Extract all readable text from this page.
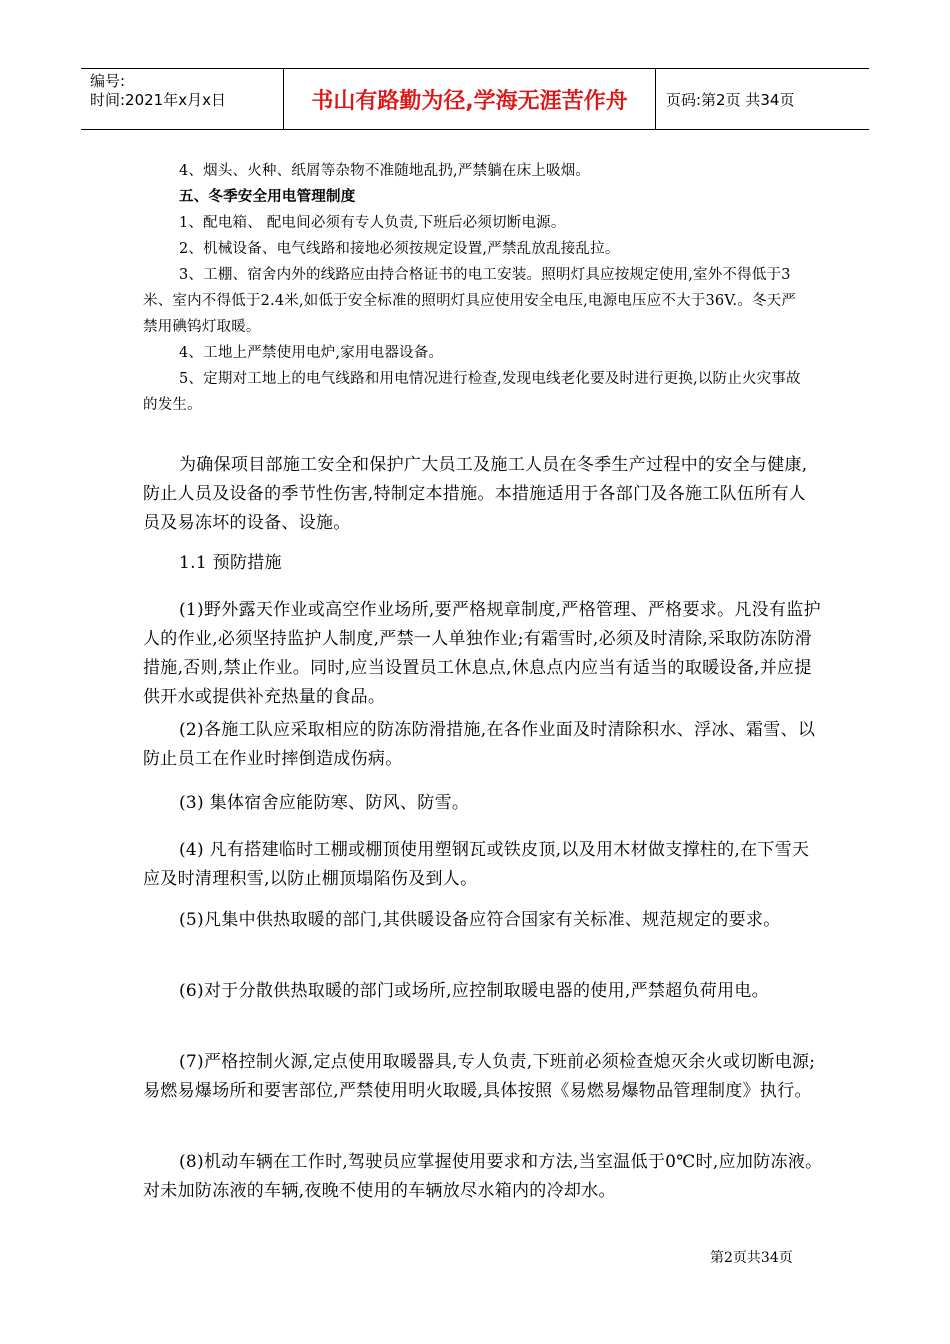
编号:
时间:2021年x月x日	书山有路勤为径,学海无涯苦作舟	页码:第2页 共34页

4、烟头、火种、纸屑等杂物不准随地乱扔,严禁躺在床上吸烟。

五、冬季安全用电管理制度

1、配电箱、 配电间必须有专人负责,下班后必须切断电源。

2、机械设备、电气线路和接地必须按规定设置,严禁乱放乱接乱拉。

3、工棚、宿舍内外的线路应由持合格证书的电工安装。照明灯具应按规定使用,室外不得低于3米、室内不得低于2.4米,如低于安全标准的照明灯具应使用安全电压,电源电压应不大于36V.。冬天严禁用碘钨灯取暖。

4、工地上严禁使用电炉,家用电器设备。

5、定期对工地上的电气线路和用电情况进行检查,发现电线老化要及时进行更换,以防止火灾事故的发生。

为确保项目部施工安全和保护广大员工及施工人员在冬季生产过程中的安全与健康,防止人员及设备的季节性伤害,特制定本措施。本措施适用于各部门及各施工队伍所有人员及易冻坏的设备、设施。

1.1 预防措施

(1)野外露天作业或高空作业场所,要严格规章制度,严格管理、严格要求。凡没有监护人的作业,必须坚持监护人制度,严禁一人单独作业;有霜雪时,必须及时清除,采取防冻防滑措施,否则,禁止作业。同时,应当设置员工休息点,休息点内应当有适当的取暖设备,并应提供开水或提供补充热量的食品。

(2)各施工队应采取相应的防冻防滑措施,在各作业面及时清除积水、浮冰、霜雪、以防止员工在作业时摔倒造成伤病。

(3) 集体宿舍应能防寒、防风、防雪。

(4) 凡有搭建临时工棚或棚顶使用塑钢瓦或铁皮顶,以及用木材做支撑柱的,在下雪天应及时清理积雪,以防止棚顶塌陷伤及到人。

(5)凡集中供热取暖的部门,其供暖设备应符合国家有关标准、规范规定的要求。

(6)对于分散供热取暖的部门或场所,应控制取暖电器的使用,严禁超负荷用电。

(7)严格控制火源,定点使用取暖器具,专人负责,下班前必须检查熄灭余火或切断电源;易燃易爆场所和要害部位,严禁使用明火取暖,具体按照《易燃易爆物品管理制度》执行。

(8)机动车辆在工作时,驾驶员应掌握使用要求和方法,当室温低于0℃时,应加防冻液。对未加防冻液的车辆,夜晚不使用的车辆放尽水箱内的冷却水。

第2页共34页
